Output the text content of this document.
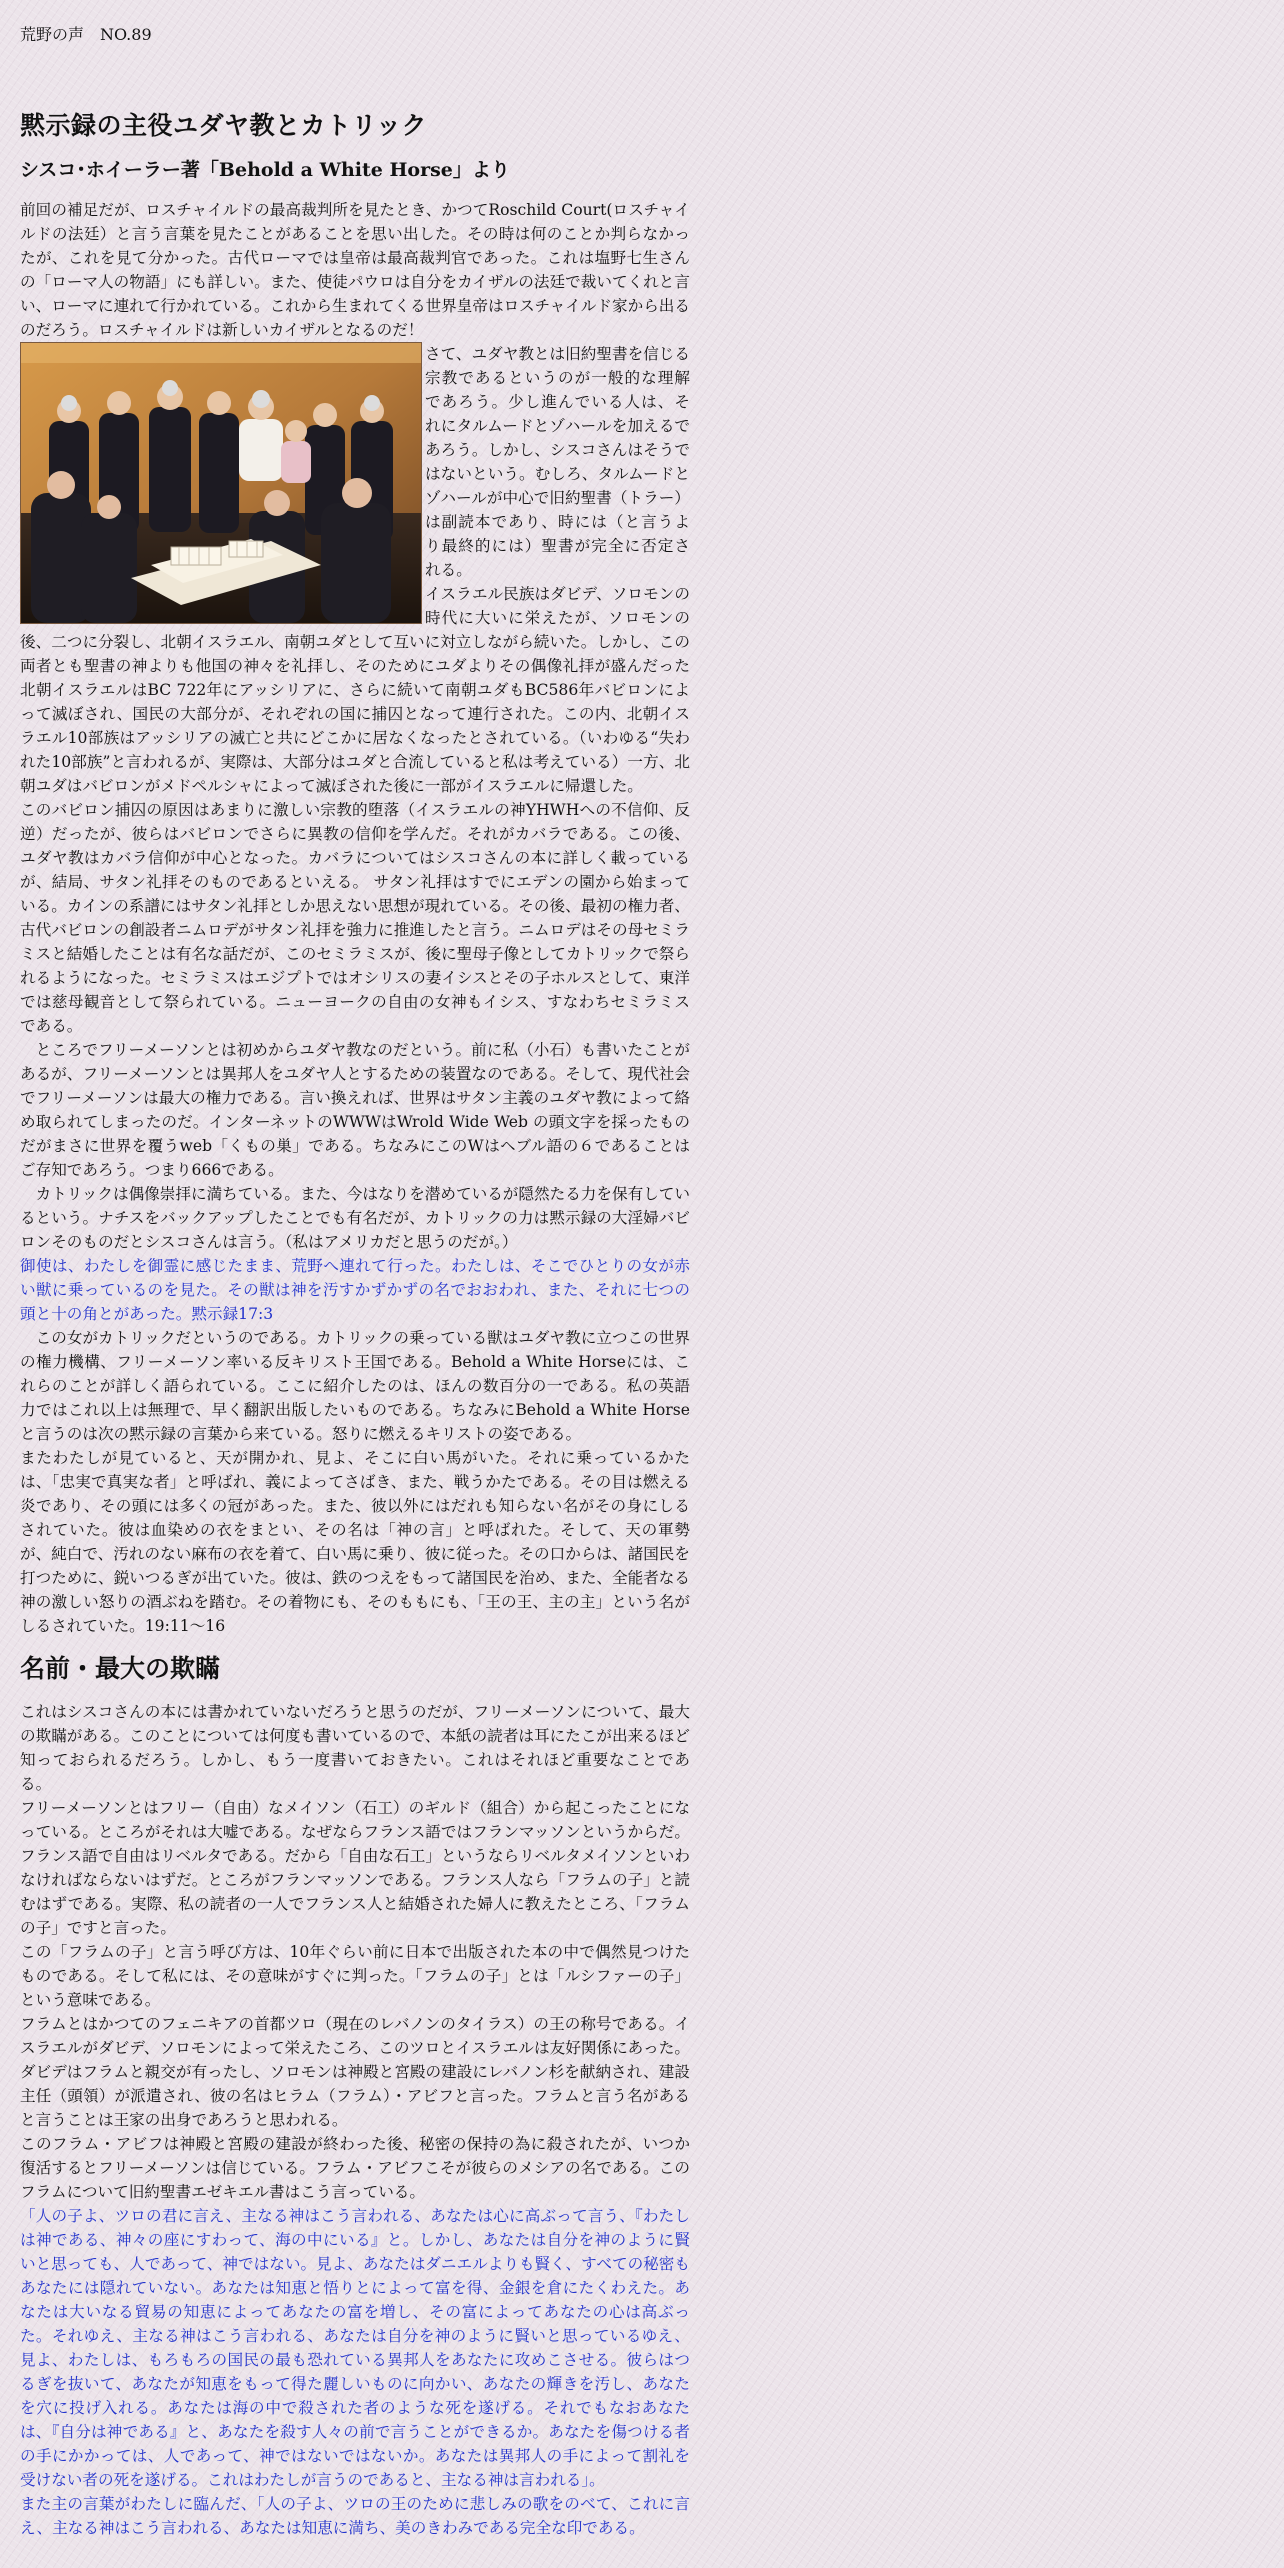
荒野の声　NO.89
黙示録の主役ユダヤ教とカトリック
シスコ･ホイーラー著「Behold a White Horse」より

前回の補足だが、ロスチャイルドの最高裁判所を見たとき、かつてRoschild Court(ロスチャイルドの法廷）と言う言葉を見たことがあることを思い出した。その時は何のことか判らなかったが、これを見て分かった。古代ローマでは皇帝は最高裁判官であった。これは塩野七生さんの「ローマ人の物語」にも詳しい。また、使徒パウロは自分をカイザルの法廷で裁いてくれと言い、ローマに連れて行かれている。これから生まれてくる世界皇帝はロスチャイルド家から出るのだろう。ロスチャイルドは新しいカイザルとなるのだ！

さて、ユダヤ教とは旧約聖書を信じる宗教であるというのが一般的な理解であろう。少し進んでいる人は、それにタルムードとゾハールを加えるであろう。しかし、シスコさんはそうではないという。むしろ、タルムードとゾハールが中心で旧約聖書（トラー）は副読本であり、時には（と言うより最終的には）聖書が完全に否定される。

イスラエル民族はダビデ、ソロモンの時代に大いに栄えたが、ソロモンの後、二つに分裂し、北朝イスラエル、南朝ユダとして互いに対立しながら続いた。しかし、この両者とも聖書の神よりも他国の神々を礼拝し、そのためにユダよりその偶像礼拝が盛んだった北朝イスラエルはBC 722年にアッシリアに、さらに続いて南朝ユダもBC586年バビロンによって滅ぼされ、国民の大部分が、それぞれの国に捕囚となって連行された。この内、北朝イスラエル10部族はアッシリアの滅亡と共にどこかに居なくなったとされている。（いわゆる“失われた10部族”と言われるが、実際は、大部分はユダと合流していると私は考えている）一方、北朝ユダはバビロンがメドペルシャによって滅ぼされた後に一部がイスラエルに帰還した。

このバビロン捕囚の原因はあまりに激しい宗教的堕落（イスラエルの神YHWHへの不信仰、反逆）だったが、彼らはバビロンでさらに異教の信仰を学んだ。それがカバラである。この後、ユダヤ教はカバラ信仰が中心となった。カバラについてはシスコさんの本に詳しく載っているが、結局、サタン礼拝そのものであるといえる。 サタン礼拝はすでにエデンの園から始まっている。カインの系譜にはサタン礼拝としか思えない思想が現れている。その後、最初の権力者、古代バビロンの創設者ニムロデがサタン礼拝を強力に推進したと言う。ニムロデはその母セミラミスと結婚したことは有名な話だが、このセミラミスが、後に聖母子像としてカトリックで祭られるようになった。セミラミスはエジプトではオシリスの妻イシスとその子ホルスとして、東洋では慈母観音として祭られている。ニューヨークの自由の女神もイシス、すなわちセミラミスである。

　ところでフリーメーソンとは初めからユダヤ教なのだという。前に私（小石）も書いたことがあるが、フリーメーソンとは異邦人をユダヤ人とするための装置なのである。そして、現代社会でフリーメーソンは最大の権力である。言い換えれば、世界はサタン主義のユダヤ教によって絡め取られてしまったのだ。インターネットのWWWはWrold Wide Web の頭文字を採ったものだがまさに世界を覆うweb「くもの巣」である。ちなみにこのWはヘブル語の６であることはご存知であろう。つまり666である。

　カトリックは偶像崇拝に満ちている。また、今はなりを潜めているが隠然たる力を保有しているという。ナチスをバックアップしたことでも有名だが、カトリックの力は黙示録の大淫婦バビロンそのものだとシスコさんは言う。（私はアメリカだと思うのだが。）

御使は、わたしを御霊に感じたまま、荒野へ連れて行った。わたしは、そこでひとりの女が赤い獣に乗っているのを見た。その獣は神を汚すかずかずの名でおおわれ、また、それに七つの頭と十の角とがあった。黙示録17:3

　この女がカトリックだというのである。カトリックの乗っている獣はユダヤ教に立つこの世界の権力機構、フリーメーソン率いる反キリスト王国である。Behold a White Horseには、これらのことが詳しく語られている。ここに紹介したのは、ほんの数百分の一である。私の英語力ではこれ以上は無理で、早く翻訳出版したいものである。ちなみにBehold a White Horseと言うのは次の黙示録の言葉から来ている。怒りに燃えるキリストの姿である。

またわたしが見ていると、天が開かれ、見よ、そこに白い馬がいた。それに乗っているかたは、「忠実で真実な者」と呼ばれ、義によってさばき、また、戦うかたである。その目は燃える炎であり、その頭には多くの冠があった。また、彼以外にはだれも知らない名がその身にしるされていた。彼は血染めの衣をまとい、その名は「神の言」と呼ばれた。そして、天の軍勢が、純白で、汚れのない麻布の衣を着て、白い馬に乗り、彼に従った。その口からは、諸国民を打つために、鋭いつるぎが出ていた。彼は、鉄のつえをもって諸国民を治め、また、全能者なる神の激しい怒りの酒ぶねを踏む。その着物にも、そのももにも、「王の王、主の主」という名がしるされていた。19:11～16

名前・最大の欺瞞

これはシスコさんの本には書かれていないだろうと思うのだが、フリーメーソンについて、最大の欺瞞がある。このことについては何度も書いているので、本紙の読者は耳にたこが出来るほど知っておられるだろう。しかし、もう一度書いておきたい。これはそれほど重要なことである。

フリーメーソンとはフリー（自由）なメイソン（石工）のギルド（組合）から起こったことになっている。ところがそれは大嘘である。なぜならフランス語ではフランマッソンというからだ。フランス語で自由はリベルタである。だから「自由な石工」というならリベルタメイソンといわなければならないはずだ。ところがフランマッソンである。フランス人なら「フラムの子」と読むはずである。実際、私の読者の一人でフランス人と結婚された婦人に教えたところ、「フラムの子」ですと言った。

この「フラムの子」と言う呼び方は、10年ぐらい前に日本で出版された本の中で偶然見つけたものである。そして私には、その意味がすぐに判った。「フラムの子」とは「ルシファーの子」という意味である。

フラムとはかつてのフェニキアの首都ツロ（現在のレバノンのタイラス）の王の称号である。イスラエルがダビデ、ソロモンによって栄えたころ、このツロとイスラエルは友好関係にあった。ダビデはフラムと親交が有ったし、ソロモンは神殿と宮殿の建設にレバノン杉を献納され、建設主任（頭領）が派遣され、彼の名はヒラム（フラム）・アビフと言った。フラムと言う名があると言うことは王家の出身であろうと思われる。

このフラム・アビフは神殿と宮殿の建設が終わった後、秘密の保持の為に殺されたが、いつか復活するとフリーメーソンは信じている。フラム・アビフこそが彼らのメシアの名である。このフラムについて旧約聖書エゼキエル書はこう言っている。

「人の子よ、ツロの君に言え、主なる神はこう言われる、あなたは心に高ぶって言う、『わたしは神である、神々の座にすわって、海の中にいる』と。しかし、あなたは自分を神のように賢いと思っても、人であって、神ではない。見よ、あなたはダニエルよりも賢く、すべての秘密もあなたには隠れていない。あなたは知恵と悟りとによって富を得、金銀を倉にたくわえた。あなたは大いなる貿易の知恵によってあなたの富を増し、その富によってあなたの心は高ぶった。それゆえ、主なる神はこう言われる、あなたは自分を神のように賢いと思っているゆえ、見よ、わたしは、もろもろの国民の最も恐れている異邦人をあなたに攻めこさせる。彼らはつるぎを抜いて、あなたが知恵をもって得た麗しいものに向かい、あなたの輝きを汚し、あなたを穴に投げ入れる。あなたは海の中で殺された者のような死を遂げる。それでもなおあなたは、『自分は神である』と、あなたを殺す人々の前で言うことができるか。あなたを傷つける者の手にかかっては、人であって、神ではないではないか。あなたは異邦人の手によって割礼を受けない者の死を遂げる。これはわたしが言うのであると、主なる神は言われる」。

また主の言葉がわたしに臨んだ、「人の子よ、ツロの王のために悲しみの歌をのべて、これに言え、主なる神はこう言われる、あなたは知恵に満ち、美のきわみである完全な印である。
